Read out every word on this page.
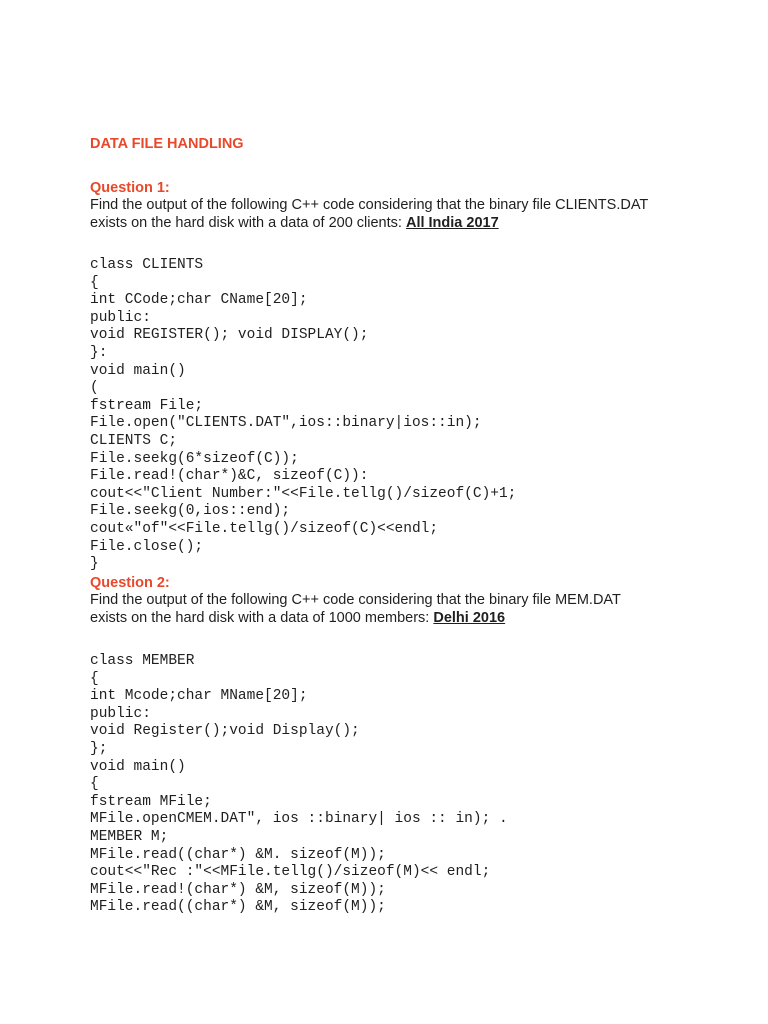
DATA FILE HANDLING
Question 1:
Find the output of the following C++ code considering that the binary file CLIENTS.DAT
exists on the hard disk with a data of 200 clients: All India 2017
class CLIENTS
{
int CCode;char CName[20];
public:
void REGISTER(); void DISPLAY();
}:
void main()
(
fstream File;
File.open("CLIENTS.DAT",ios::binary|ios::in);
CLIENTS C;
File.seekg(6*sizeof(C));
File.read!(char*)&C, sizeof(C)):
cout<<"Client Number:"<<File.tellg()/sizeof(C)+1;
File.seekg(0,ios::end);
cout«"of"<<File.tellg()/sizeof(C)<<endl;
File.close();
}
Question 2:
Find the output of the following C++ code considering that the binary file MEM.DAT
exists on the hard disk with a data of 1000 members: Delhi 2016
class MEMBER
{
int Mcode;char MName[20];
public:
void Register();void Display();
};
void main()
{
fstream MFile;
MFile.openCMEM.DAT", ios ::binary| ios :: in); .
MEMBER M;
MFile.read((char*) &M. sizeof(M));
cout<<"Rec :"<<MFile.tellg()/sizeof(M)<< endl;
MFile.read!(char*) &M, sizeof(M));
MFile.read((char*) &M, sizeof(M));
